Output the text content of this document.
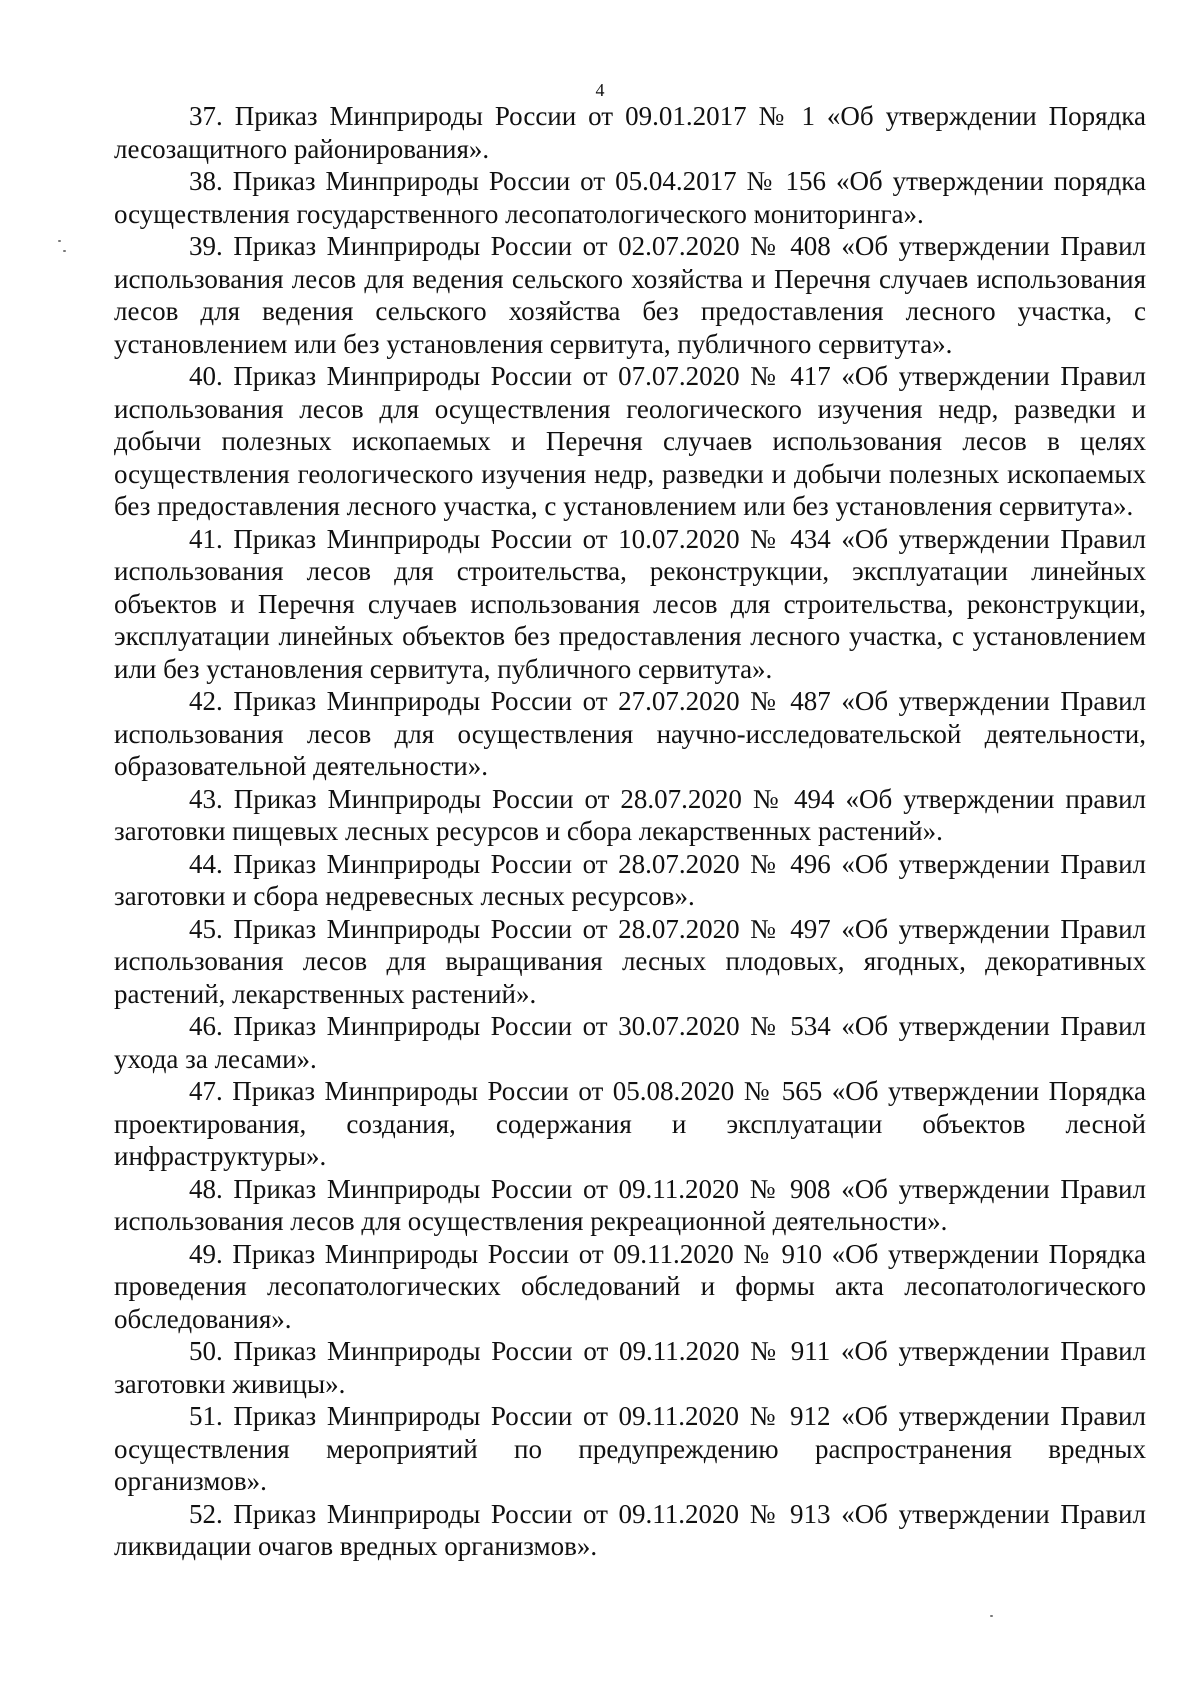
4

37. Приказ Минприроды России от 09.01.2017 № 1 «Об утверждении Порядка лесозащитного районирования».

38. Приказ Минприроды России от 05.04.2017 № 156 «Об утверждении порядка осуществления государственного лесопатологического мониторинга».

39. Приказ Минприроды России от 02.07.2020 № 408 «Об утверждении Правил использования лесов для ведения сельского хозяйства и Перечня случаев использования лесов для ведения сельского хозяйства без предоставления лесного участка, с установлением или без установления сервитута, публичного сервитута».

40. Приказ Минприроды России от 07.07.2020 № 417 «Об утверждении Правил использования лесов для осуществления геологического изучения недр, разведки и добычи полезных ископаемых и Перечня случаев использования лесов в целях осуществления геологического изучения недр, разведки и добычи полезных ископаемых без предоставления лесного участка, с установлением или без установления сервитута».

41. Приказ Минприроды России от 10.07.2020 № 434 «Об утверждении Правил использования лесов для строительства, реконструкции, эксплуатации линейных объектов и Перечня случаев использования лесов для строительства, реконструкции, эксплуатации линейных объектов без предоставления лесного участка, с установлением или без установления сервитута, публичного сервитута».

42. Приказ Минприроды России от 27.07.2020 № 487 «Об утверждении Правил использования лесов для осуществления научно-исследовательской деятельности, образовательной деятельности».

43. Приказ Минприроды России от 28.07.2020 № 494 «Об утверждении правил заготовки пищевых лесных ресурсов и сбора лекарственных растений».

44. Приказ Минприроды России от 28.07.2020 № 496 «Об утверждении Правил заготовки и сбора недревесных лесных ресурсов».

45. Приказ Минприроды России от 28.07.2020 № 497 «Об утверждении Правил использования лесов для выращивания лесных плодовых, ягодных, декоративных растений, лекарственных растений».

46. Приказ Минприроды России от 30.07.2020 № 534 «Об утверждении Правил ухода за лесами».

47. Приказ Минприроды России от 05.08.2020 № 565 «Об утверждении Порядка проектирования, создания, содержания и эксплуатации объектов лесной инфраструктуры».

48. Приказ Минприроды России от 09.11.2020 № 908 «Об утверждении Правил использования лесов для осуществления рекреационной деятельности».

49. Приказ Минприроды России от 09.11.2020 № 910 «Об утверждении Порядка проведения лесопатологических обследований и формы акта лесопатологического обследования».

50. Приказ Минприроды России от 09.11.2020 № 911 «Об утверждении Правил заготовки живицы».

51. Приказ Минприроды России от 09.11.2020 № 912 «Об утверждении Правил осуществления мероприятий по предупреждению распространения вредных организмов».

52. Приказ Минприроды России от 09.11.2020 № 913 «Об утверждении Правил ликвидации очагов вредных организмов».
